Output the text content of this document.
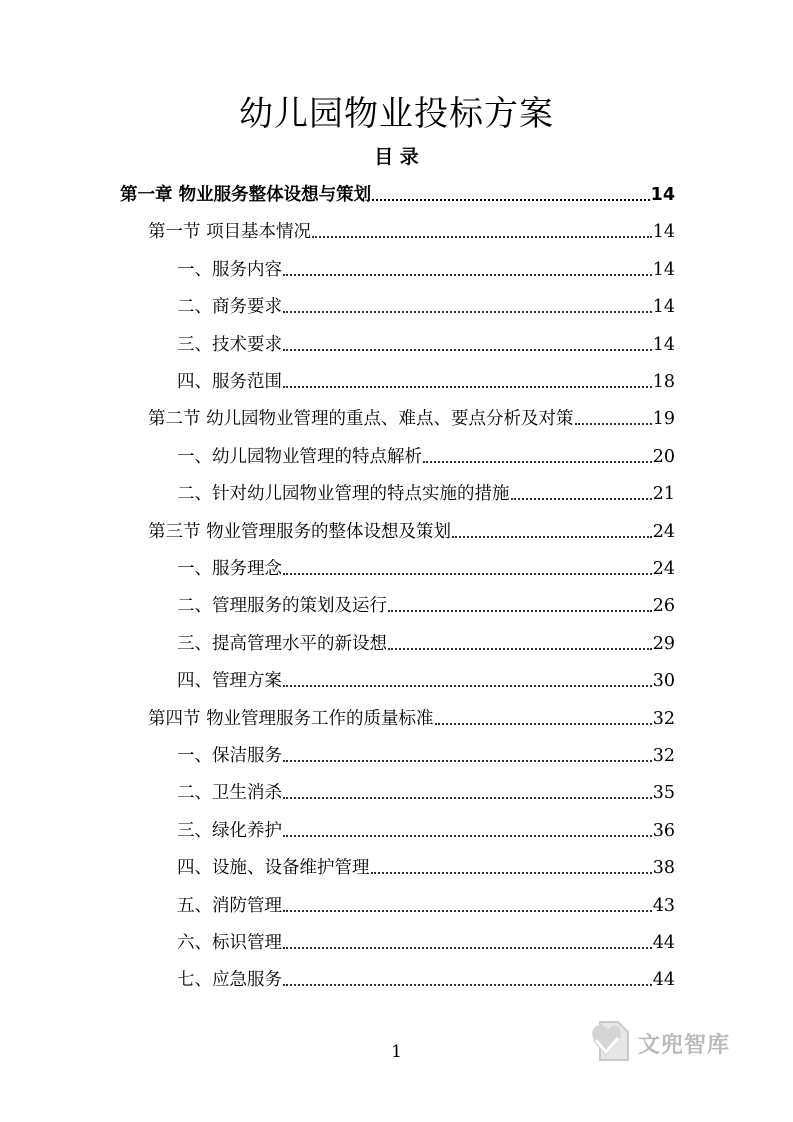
幼儿园物业投标方案
目 录
第一章 物业服务整体设想与策划	14
第一节 项目基本情况	14
一、服务内容	14
二、商务要求	14
三、技术要求	14
四、服务范围	18
第二节 幼儿园物业管理的重点、难点、要点分析及对策	19
一、幼儿园物业管理的特点解析	20
二、针对幼儿园物业管理的特点实施的措施	21
第三节 物业管理服务的整体设想及策划	24
一、服务理念	24
二、管理服务的策划及运行	26
三、提高管理水平的新设想	29
四、管理方案	30
第四节 物业管理服务工作的质量标准	32
一、保洁服务	32
二、卫生消杀	35
三、绿化养护	36
四、设施、设备维护管理	38
五、消防管理	43
六、标识管理	44
七、应急服务	44
1	文兜智库
